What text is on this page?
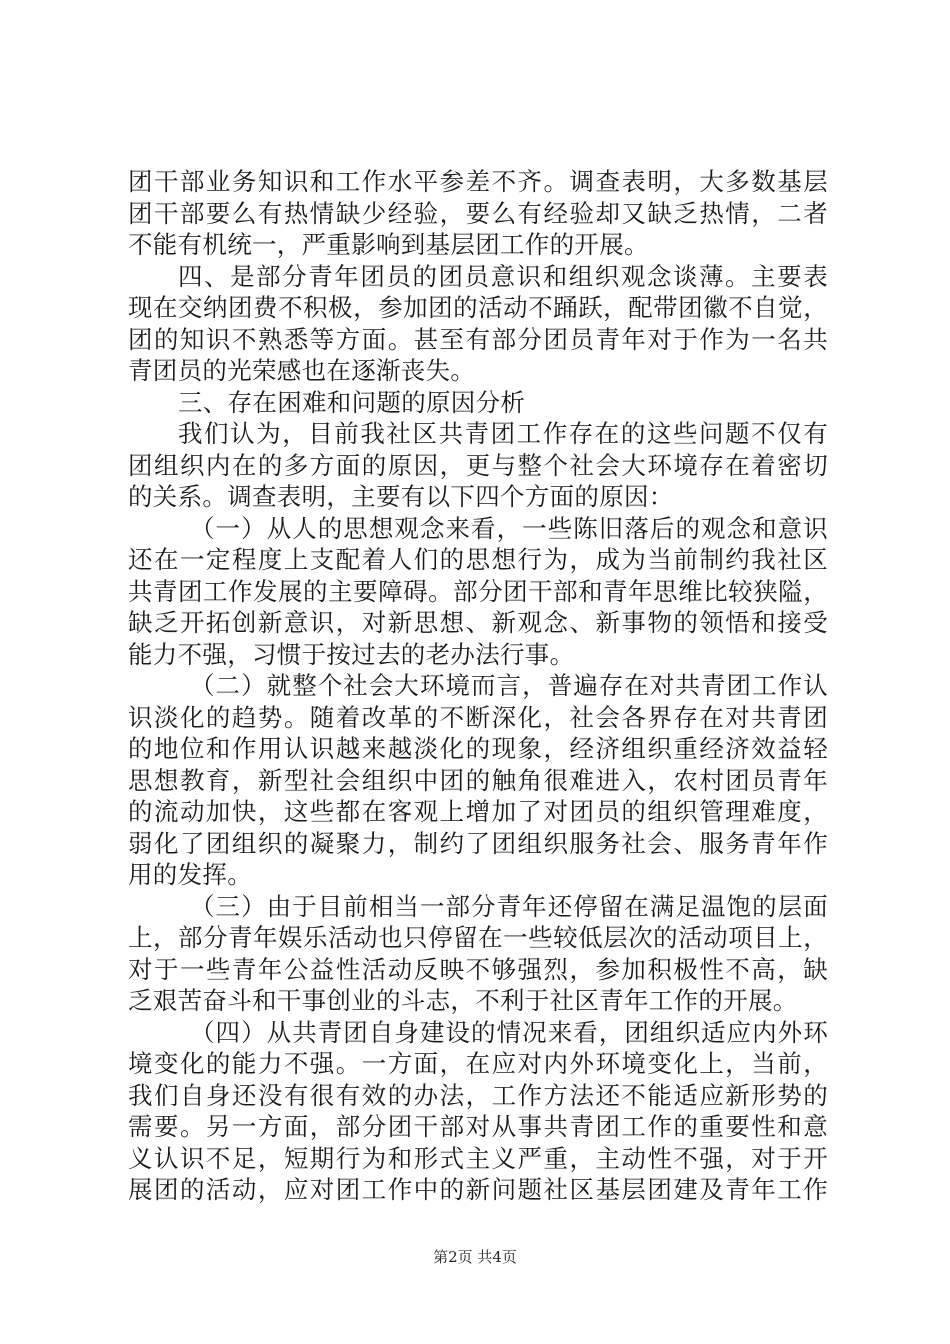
团干部业务知识和工作水平参差不齐。调查表明，大多数基层
团干部要么有热情缺少经验，要么有经验却又缺乏热情，二者
不能有机统一，严重影响到基层团工作的开展。
四、是部分青年团员的团员意识和组织观念谈薄。主要表
现在交纳团费不积极，参加团的活动不踊跃，配带团徽不自觉，
团的知识不熟悉等方面。甚至有部分团员青年对于作为一名共
青团员的光荣感也在逐渐丧失。
三、存在困难和问题的原因分析
我们认为，目前我社区共青团工作存在的这些问题不仅有
团组织内在的多方面的原因，更与整个社会大环境存在着密切
的关系。调查表明，主要有以下四个方面的原因：
（一）从人的思想观念来看，一些陈旧落后的观念和意识
还在一定程度上支配着人们的思想行为，成为当前制约我社区
共青团工作发展的主要障碍。部分团干部和青年思维比较狭隘，
缺乏开拓创新意识，对新思想、新观念、新事物的领悟和接受
能力不强，习惯于按过去的老办法行事。
（二）就整个社会大环境而言，普遍存在对共青团工作认
识淡化的趋势。随着改革的不断深化，社会各界存在对共青团
的地位和作用认识越来越淡化的现象，经济组织重经济效益轻
思想教育，新型社会组织中团的触角很难进入，农村团员青年
的流动加快，这些都在客观上增加了对团员的组织管理难度，
弱化了团组织的凝聚力，制约了团组织服务社会、服务青年作
用的发挥。
（三）由于目前相当一部分青年还停留在满足温饱的层面
上，部分青年娱乐活动也只停留在一些较低层次的活动项目上，
对于一些青年公益性活动反映不够强烈，参加积极性不高，缺
乏艰苦奋斗和干事创业的斗志，不利于社区青年工作的开展。
（四）从共青团自身建设的情况来看，团组织适应内外环
境变化的能力不强。一方面，在应对内外环境变化上，当前，
我们自身还没有很有效的办法，工作方法还不能适应新形势的
需要。另一方面，部分团干部对从事共青团工作的重要性和意
义认识不足，短期行为和形式主义严重，主动性不强，对于开
展团的活动，应对团工作中的新问题社区基层团建及青年工作
第2页 共4页
